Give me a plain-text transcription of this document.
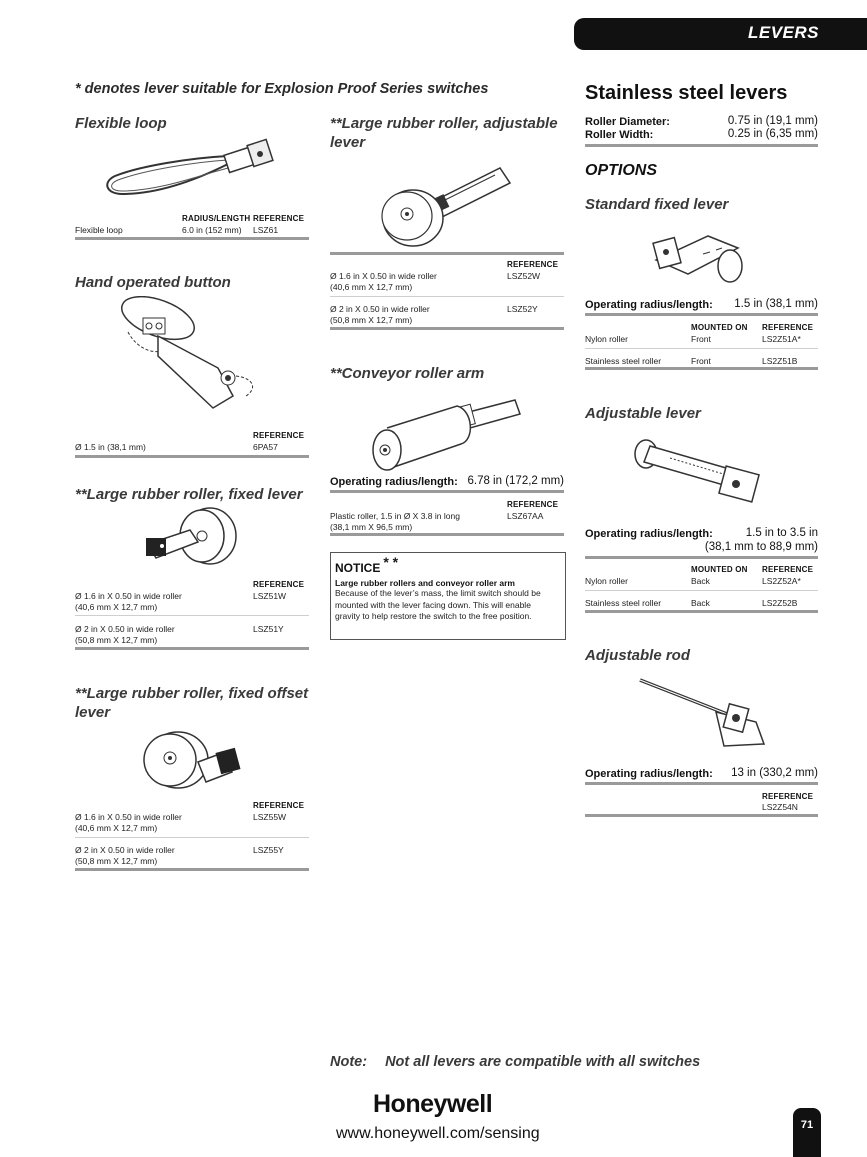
LEVERS
* denotes lever suitable for Explosion Proof Series switches
Flexible loop
RADIUS/LENGTH REFERENCE
Flexible loop	6.0 in (152 mm) LSZ61
Hand operated button
REFERENCE
Ø 1.5 in (38,1 mm)	6PA57
**Large rubber roller, fixed lever
REFERENCE
Ø 1.6 in X 0.50 in wide roller
(40,6 mm X 12,7 mm)
LSZ51W
Ø 2 in X 0.50 in wide roller
(50,8 mm X 12,7 mm)
LSZ51Y
**Large rubber roller, fixed offset
lever
REFERENCE
Ø 1.6 in X 0.50 in wide roller
(40,6 mm X 12,7 mm)
LSZ55W
Ø 2 in X 0.50 in wide roller
(50,8 mm X 12,7 mm)
LSZ55Y
**Large rubber roller, adjustable
lever
REFERENCE
Ø 1.6 in X 0.50 in wide roller
(40,6 mm X 12,7 mm)
LSZ52W
Ø 2 in X 0.50 in wide roller
(50,8 mm X 12,7 mm)
LSZ52Y
**Conveyor roller arm
Operating radius/length: 6.78 in (172,2 mm)
REFERENCE
Plastic roller, 1.5 in Ø X 3.8 in long
(38,1 mm X 96,5 mm)
LSZ67AA
NOTICE * *
Large rubber rollers and conveyor roller arm
Because of the lever’s mass, the limit switch should be
mounted with the lever facing down. This will enable
gravity to help restore the switch to the free position.
Stainless steel levers
Roller Diameter:	0.75 in (19,1 mm)
Roller Width:	0.25 in (6,35 mm)
OPTIONS
Standard fixed lever
Operating radius/length:	1.5 in (38,1 mm)
MOUNTED ON REFERENCE
Nylon roller	Front	LS2Z51A*
Stainless steel roller	Front	LS2Z51B
Adjustable lever
Operating radius/length:	1.5 in to 3.5 in
(38,1 mm to 88,9 mm)
MOUNTED ON REFERENCE
Nylon roller	Back	LS2Z52A*
Stainless steel roller	Back	LS2Z52B
Adjustable rod
Operating radius/length:	13 in (330,2 mm)
REFERENCE
LS2Z54N
Note: Not all levers are compatible with all switches
Honeywell
www.honeywell.com/sensing	71
